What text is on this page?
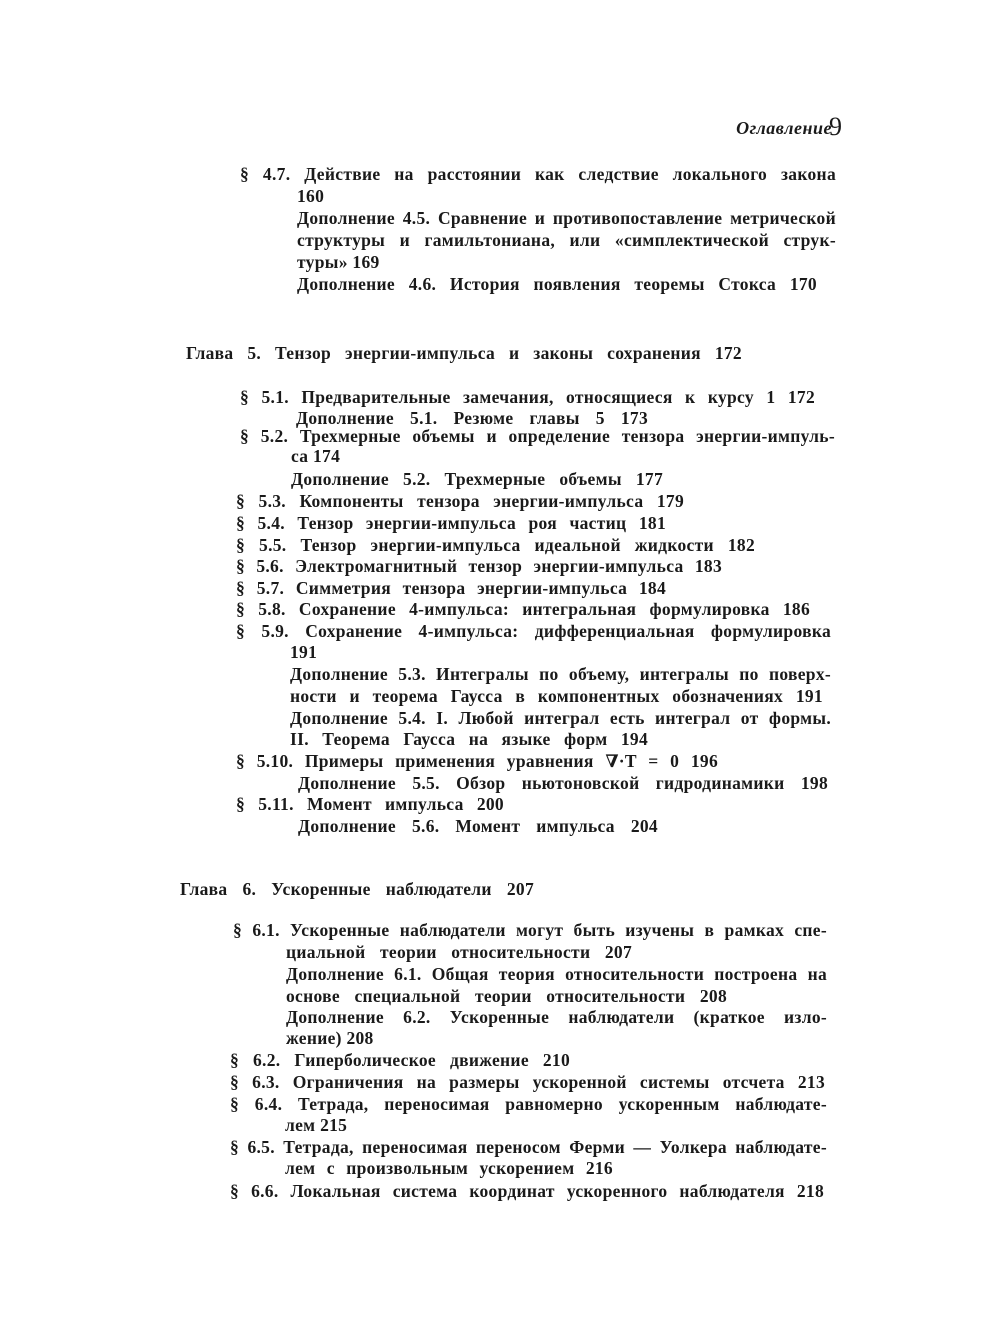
Оглавление
9
§ 4.7. Действие на расстоянии как следствие локального закона
160
Дополнение 4.5. Сравнение и противопоставление метрической
структуры и гамильтониана, или «симплектической струк-
туры» 169
Дополнение 4.6. История появления теоремы Стокса 170
Глава 5. Тензор энергии-импульса и законы сохранения 172
§ 5.1. Предварительные замечания, относящиеся к курсу 1 172
Дополнение 5.1. Резюме главы 5 173
§ 5.2. Трехмерные объемы и определение тензора энергии-импуль-
са 174
Дополнение 5.2. Трехмерные объемы 177
§ 5.3. Компоненты тензора энергии-импульса 179
§ 5.4. Тензор энергии-импульса роя частиц 181
§ 5.5. Тензор энергии-импульса идеальной жидкости 182
§ 5.6. Электромагнитный тензор энергии-импульса 183
§ 5.7. Симметрия тензора энергии-импульса 184
§ 5.8. Сохранение 4-импульса: интегральная формулировка 186
§ 5.9. Сохранение 4-импульса: дифференциальная формулировка
191
Дополнение 5.3. Интегралы по объему, интегралы по поверх-
ности и теорема Гаусса в компонентных обозначениях 191
Дополнение 5.4. I. Любой интеграл есть интеграл от формы.
II. Теорема Гаусса на языке форм 194
§ 5.10. Примеры применения уравнения ∇·T = 0 196
Дополнение 5.5. Обзор ньютоновской гидродинамики 198
§ 5.11. Момент импульса 200
Дополнение 5.6. Момент импульса 204
Глава 6. Ускоренные наблюдатели 207
§ 6.1. Ускоренные наблюдатели могут быть изучены в рамках спе-
циальной теории относительности 207
Дополнение 6.1. Общая теория относительности построена на
основе специальной теории относительности 208
Дополнение 6.2. Ускоренные наблюдатели (краткое изло-
жение) 208
§ 6.2. Гиперболическое движение 210
§ 6.3. Ограничения на размеры ускоренной системы отсчета 213
§ 6.4. Тетрада, переносимая равномерно ускоренным наблюдате-
лем 215
§ 6.5. Тетрада, переносимая переносом Ферми — Уолкера наблюдате-
лем с произвольным ускорением 216
§ 6.6. Локальная система координат ускоренного наблюдателя 218
